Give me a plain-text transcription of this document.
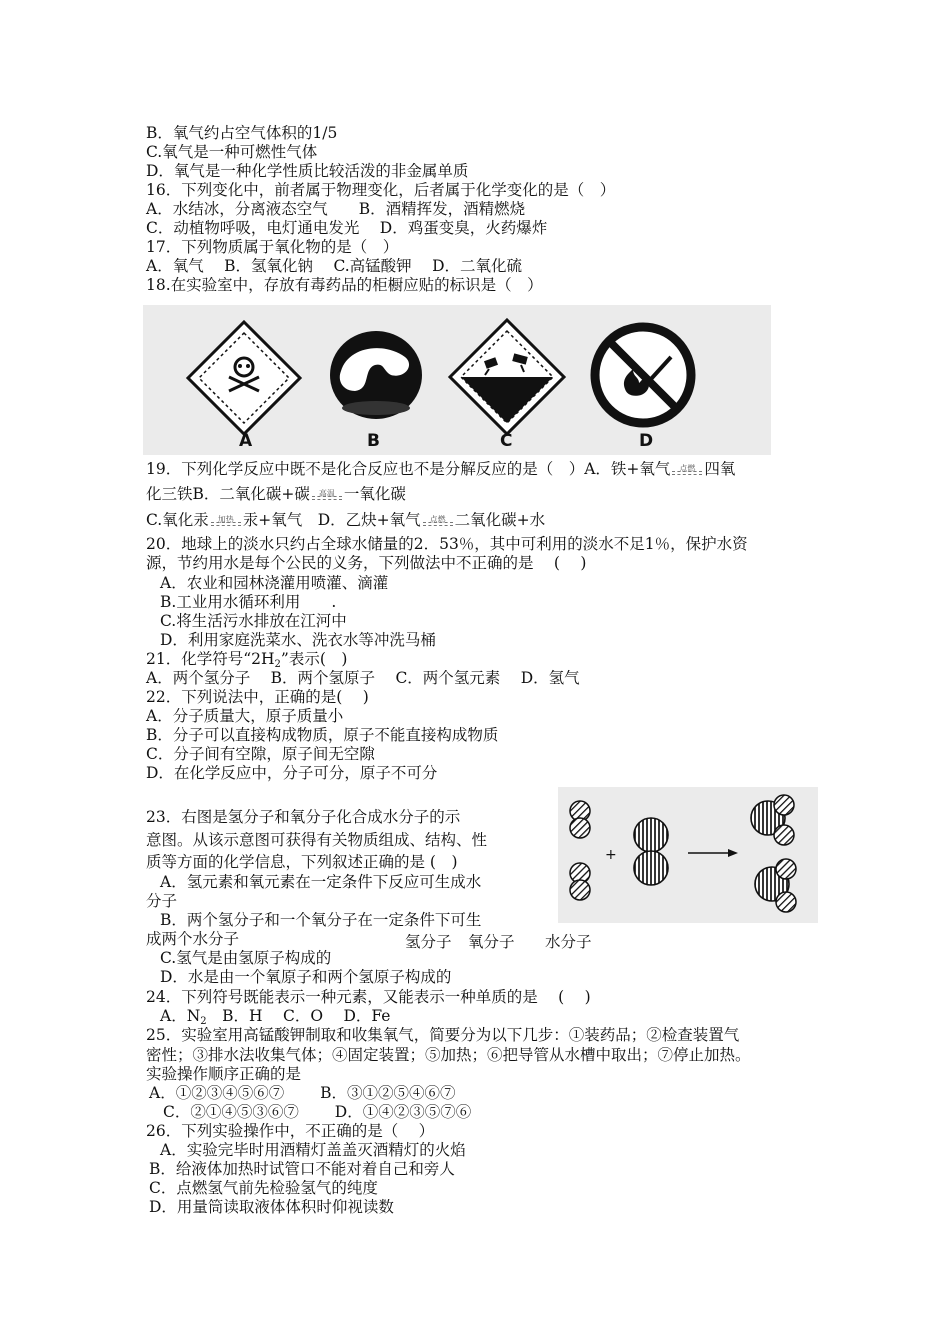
B．氧气约占空气体积的1/5
C.氧气是一种可燃性气体
D．氧气是一种化学性质比较活泼的非金属单质
16．下列变化中，前者属于物理变化，后者属于化学变化的是（　）
A．水结冰，分离液态空气　　B．酒精挥发，酒精燃烧
C．动植物呼吸，电灯通电发光　 D．鸡蛋变臭，火药爆炸
17．下列物质属于氧化物的是（　）
A．氧气　 B．氢氧化钠　 C.高锰酸钾　 D．二氧化硫
18.在实验室中，存放有毒药品的柜橱应贴的标识是（　）
A	B	C	D
19．下列化学反应中既不是化合反应也不是分解反应的是（　）A．铁+氧气	点燃 四氧
化三铁B．二氧化碳+碳	高温 一氧化碳
C.氧化汞	加热 汞+氧气　D．乙炔+氧气	点燃 二氧化碳+水
20．地球上的淡水只约占全球水储量的2．53％，其中可利用的淡水不足1％，保护水资
源，节约用水是每个公民的义务，下列做法中不正确的是　 (　 )
A．农业和园林浇灌用喷灌、滴灌
B.工业用水循环利用　　.
C.将生活污水排放在江河中
D．利用家庭洗菜水、洗衣水等冲洗马桶
21．化学符号“$2H_2$”表示(　)
A．两个氢分子　 B．两个氢原子　 C．两个氢元素　 D．氢气
22．下列说法中，正确的是(　 )
A．分子质量大，原子质量小
B．分子可以直接构成物质，原子不能直接构成物质
C．分子间有空隙，原子间无空隙
D．在化学反应中，分子可分，原子不可分
23．右图是氢分子和氧分子化合成水分子的示
意图。从该示意图可获得有关物质组成、结构、性
质等方面的化学信息，下列叙述正确的是 (　)
A．氢元素和氧元素在一定条件下反应可生成水
分子
B．两个氢分子和一个氧分子在一定条件下可生
成两个水分子
C.氢气是由氢原子构成的
D．水是由一个氧原子和两个氢原子构成的
+
氢分子 氧分子 水分子
24．下列符号既能表示一种元素，又能表示一种单质的是　 (　 )
A．$N_2$　B．H　 C．O　 D．Fe
25．实验室用高锰酸钾制取和收集氧气，简要分为以下几步：①装药品；②检查装置气
密性；③排水法收集气体；④固定装置；⑤加热；⑥把导管从水槽中取出；⑦停止加热。
实验操作顺序正确的是
A．①②③④⑤⑥⑦　　 B．③①②⑤④⑥⑦
C．②①④⑤③⑥⑦　　 D．①④②③⑤⑦⑥
26．下列实验操作中，不正确的是（　 ）
A．实验完毕时用酒精灯盖盖灭酒精灯的火焰
B．给液体加热时试管口不能对着自己和旁人
C．点燃氢气前先检验氢气的纯度
D．用量筒读取液体体积时仰视读数
